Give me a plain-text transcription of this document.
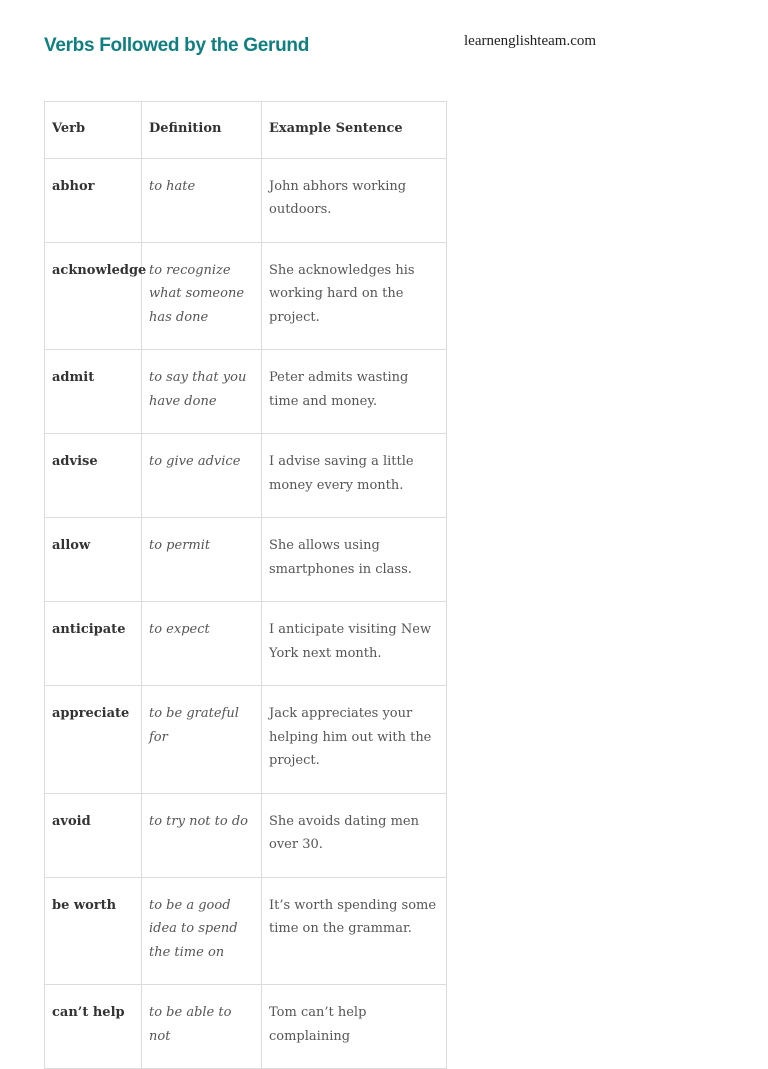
Verbs Followed by the Gerund	learnenglishteam.com
Verb	Definition	Example Sentence
abhor	to hate	John abhors working outdoors.
acknowledge	to recognize what someone has done	She acknowledges his working hard on the project.
admit	to say that you have done	Peter admits wasting time and money.
advise	to give advice	I advise saving a little money every month.
allow	to permit	She allows using smartphones in class.
anticipate	to expect	I anticipate visiting New York next month.
appreciate	to be grateful for	Jack appreciates your helping him out with the project.
avoid	to try not to do	She avoids dating men over 30.
be worth	to be a good idea to spend the time on	It’s worth spending some time on the grammar.
can’t help	to be able to not	Tom can’t help complaining
